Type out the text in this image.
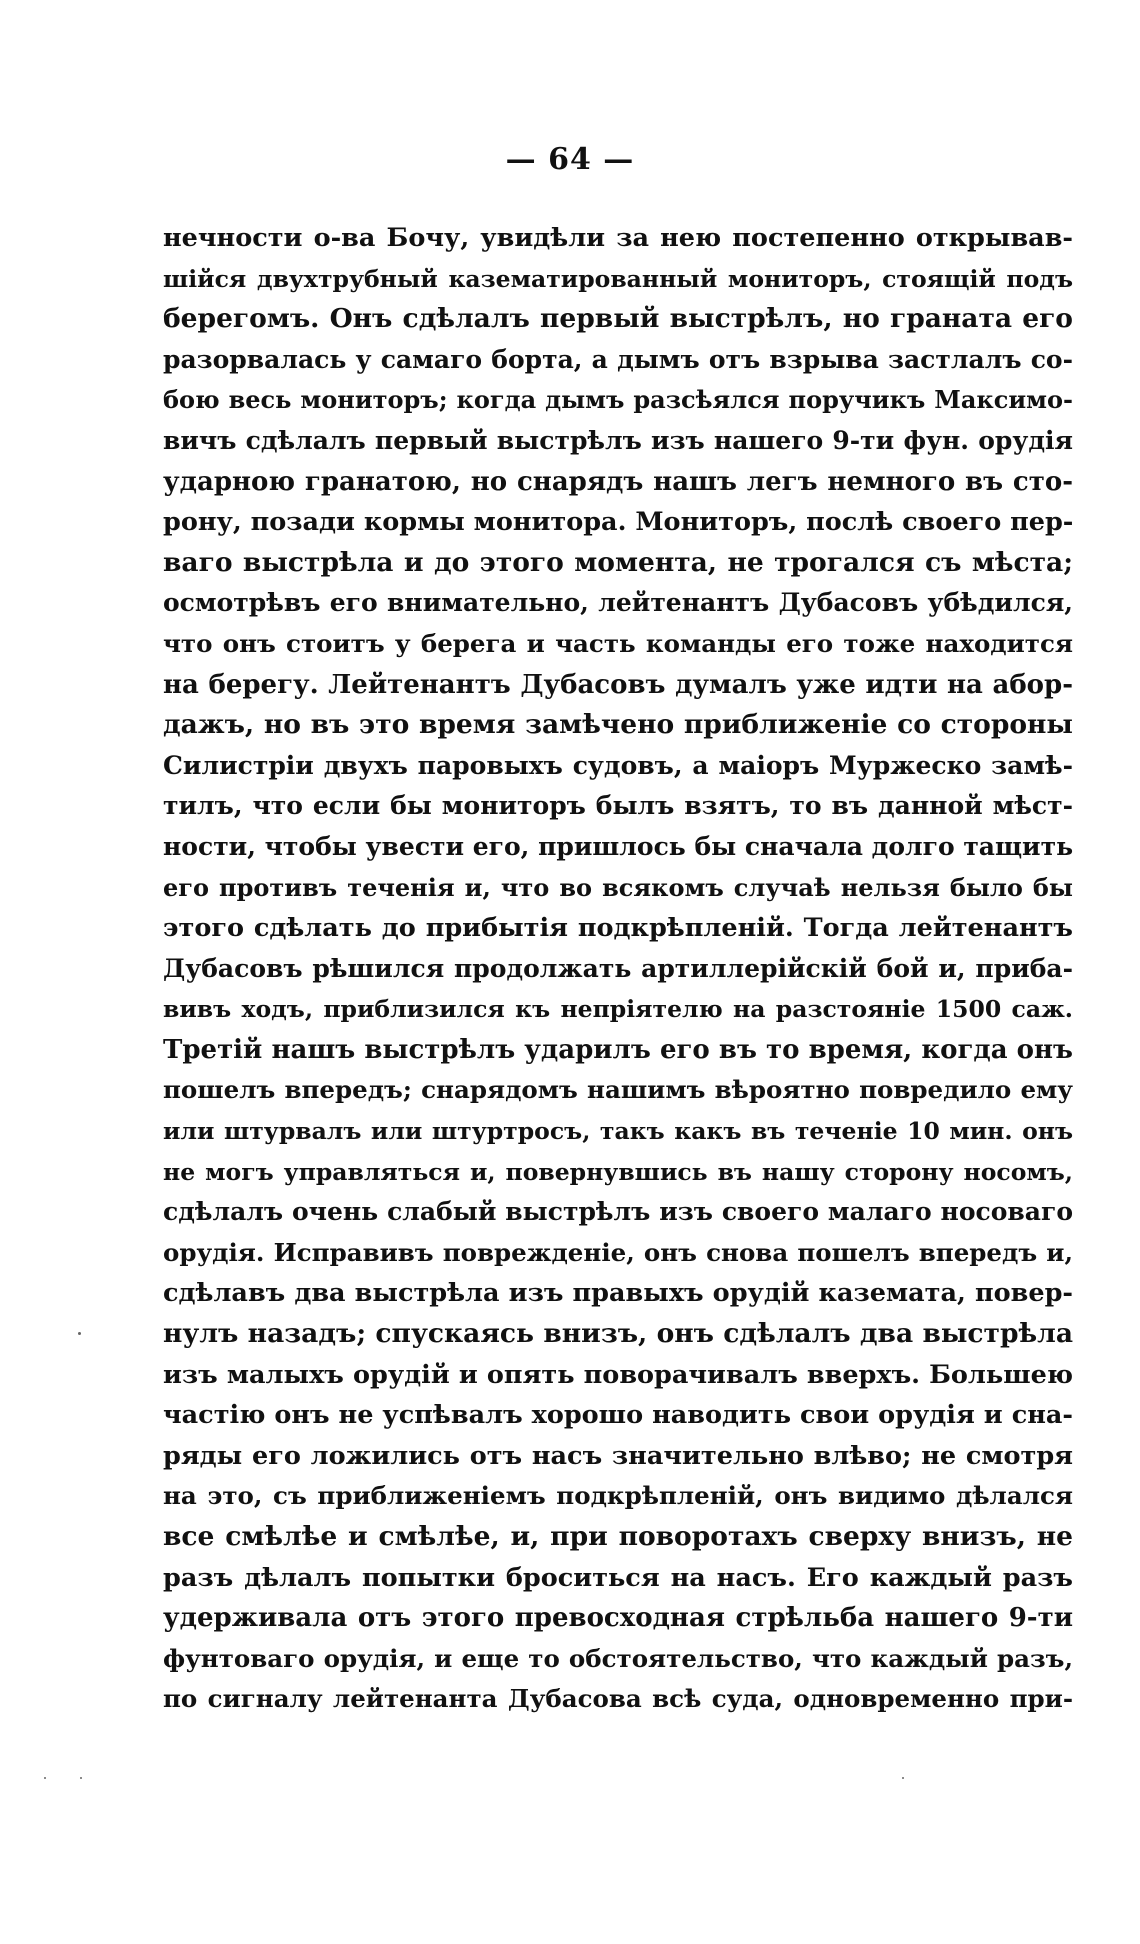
— 64 —
нечности о-ва Бочу, увидѣли за нею постепенно открывав-
шійся двухтрубный казематированный мониторъ, стоящій подъ
берегомъ. Онъ сдѣлалъ первый выстрѣлъ, но граната его
разорвалась у самаго борта, а дымъ отъ взрыва застлалъ со-
бою весь мониторъ; когда дымъ разсѣялся поручикъ Максимо-
вичъ сдѣлалъ первый выстрѣлъ изъ нашего 9-ти фун. орудія
ударною гранатою, но снарядъ нашъ легъ немного въ сто-
рону, позади кормы монитора. Мониторъ, послѣ своего пер-
ваго выстрѣла и до этого момента, не трогался съ мѣста;
осмотрѣвъ его внимательно, лейтенантъ Дубасовъ убѣдился,
что онъ стоитъ у берега и часть команды его тоже находится
на берегу. Лейтенантъ Дубасовъ думалъ уже идти на абор-
дажъ, но въ это время замѣчено приближеніе со стороны
Силистріи двухъ паровыхъ судовъ, а маіоръ Муржеско замѣ-
тилъ, что если бы мониторъ былъ взятъ, то въ данной мѣст-
ности, чтобы увести его, пришлось бы сначала долго тащить
его противъ теченія и, что во всякомъ случаѣ нельзя было бы
этого сдѣлать до прибытія подкрѣпленій. Тогда лейтенантъ
Дубасовъ рѣшился продолжать артиллерійскій бой и, приба-
вивъ ходъ, приблизился къ непріятелю на разстояніе 1500 саж.
Третій нашъ выстрѣлъ ударилъ его въ то время, когда онъ
пошелъ впередъ; снарядомъ нашимъ вѣроятно повредило ему
или штурвалъ или штуртросъ, такъ какъ въ теченіе 10 мин. онъ
не могъ управляться и, повернувшись въ нашу сторону носомъ,
сдѣлалъ очень слабый выстрѣлъ изъ своего малаго носоваго
орудія. Исправивъ поврежденіе, онъ снова пошелъ впередъ и,
сдѣлавъ два выстрѣла изъ правыхъ орудій каземата, повер-
нулъ назадъ; спускаясь внизъ, онъ сдѣлалъ два выстрѣла
изъ малыхъ орудій и опять поворачивалъ вверхъ. Большею
частію онъ не успѣвалъ хорошо наводить свои орудія и сна-
ряды его ложились отъ насъ значительно влѣво; не смотря
на это, съ приближеніемъ подкрѣпленій, онъ видимо дѣлался
все смѣлѣе и смѣлѣе, и, при поворотахъ сверху внизъ, не
разъ дѣлалъ попытки броситься на насъ. Его каждый разъ
удерживала отъ этого превосходная стрѣльба нашего 9-ти
фунтоваго орудія, и еще то обстоятельство, что каждый разъ,
по сигналу лейтенанта Дубасова всѣ суда, одновременно при-
